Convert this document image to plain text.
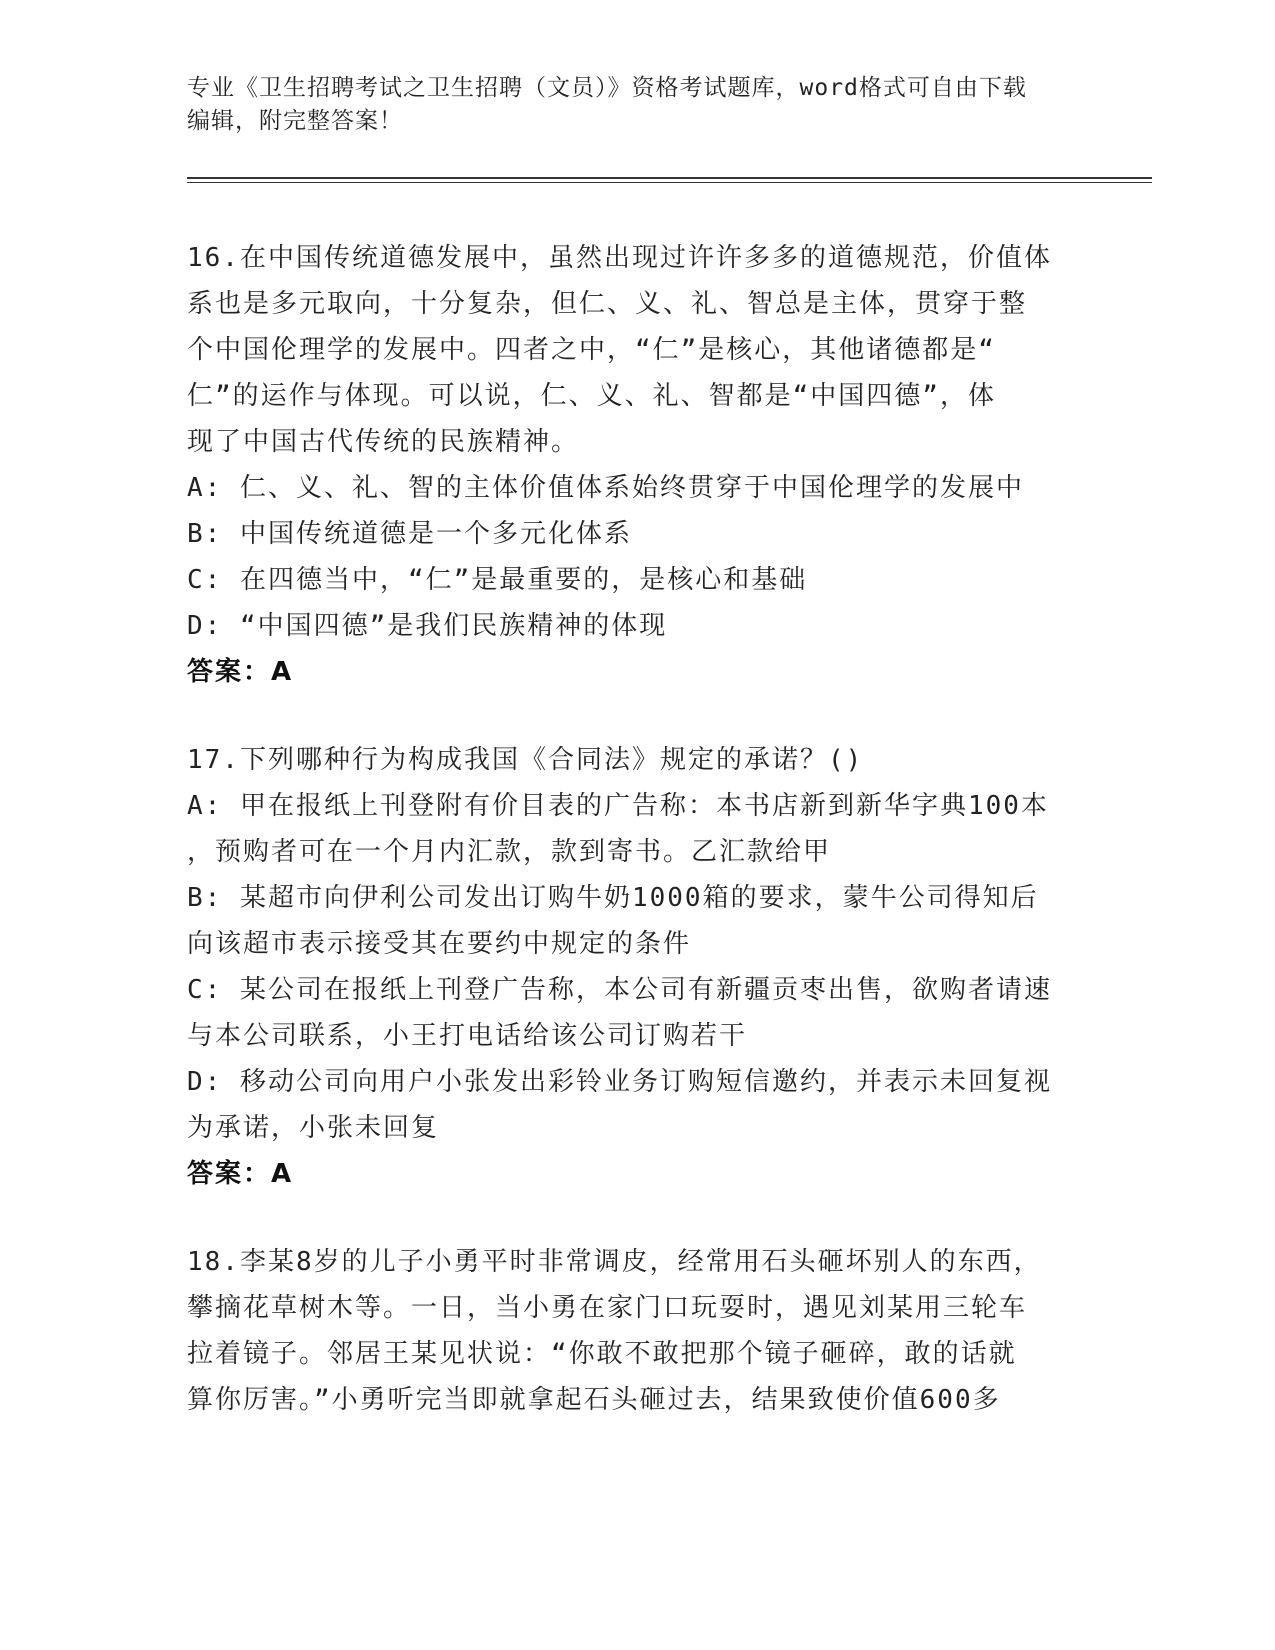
专业《卫生招聘考试之卫生招聘（文员）》资格考试题库，word格式可自由下载
编辑，附完整答案！
16.在中国传统道德发展中，虽然出现过许许多多的道德规范，价值体
系也是多元取向，十分复杂，但仁、义、礼、智总是主体，贯穿于整
个中国伦理学的发展中。四者之中，“仁”是核心，其他诸德都是“
仁”的运作与体现。可以说，仁、义、礼、智都是“中国四德”，体
现了中国古代传统的民族精神。
A: 仁、义、礼、智的主体价值体系始终贯穿于中国伦理学的发展中
B: 中国传统道德是一个多元化体系
C: 在四德当中，“仁”是最重要的，是核心和基础
D: “中国四德”是我们民族精神的体现
答案：A
17.下列哪种行为构成我国《合同法》规定的承诺？()
A: 甲在报纸上刊登附有价目表的广告称：本书店新到新华字典100本
，预购者可在一个月内汇款，款到寄书。乙汇款给甲
B: 某超市向伊利公司发出订购牛奶1000箱的要求，蒙牛公司得知后
向该超市表示接受其在要约中规定的条件
C: 某公司在报纸上刊登广告称，本公司有新疆贡枣出售，欲购者请速
与本公司联系，小王打电话给该公司订购若干
D: 移动公司向用户小张发出彩铃业务订购短信邀约，并表示未回复视
为承诺，小张未回复
答案：A
18.李某8岁的儿子小勇平时非常调皮，经常用石头砸坏别人的东西，
攀摘花草树木等。一日，当小勇在家门口玩耍时，遇见刘某用三轮车
拉着镜子。邻居王某见状说：“你敢不敢把那个镜子砸碎，敢的话就
算你厉害。”小勇听完当即就拿起石头砸过去，结果致使价值600多
